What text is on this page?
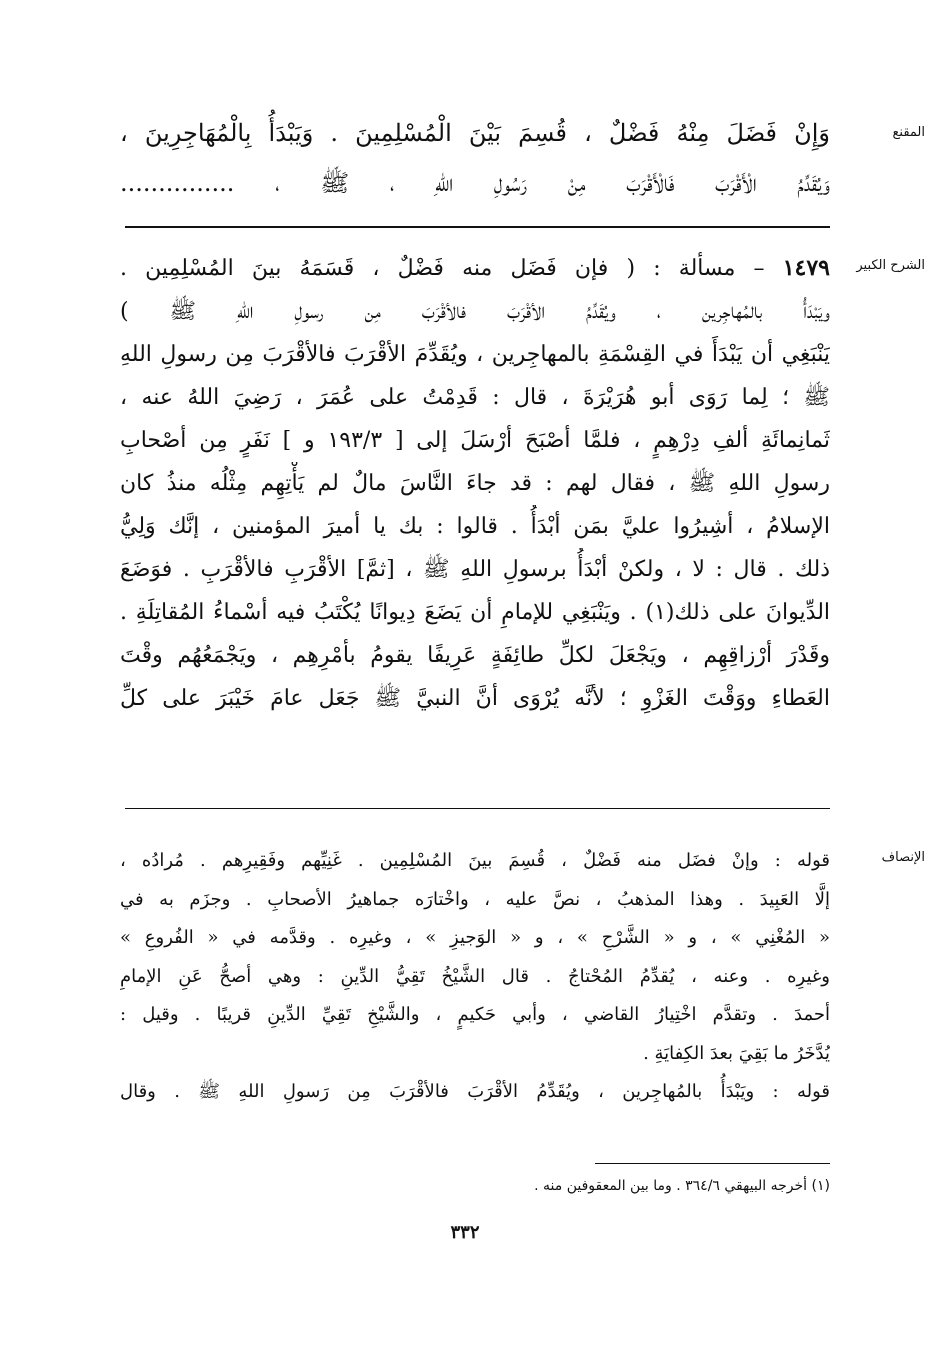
المقنع
وَإِنْ فَضَلَ مِنْهُ فَضْلٌ ، قُسِمَ بَيْنَ الْمُسْلِمِينَ . وَيَبْدَأُ بِالْمُهَاجِرِينَ ،
وَيُقَدِّمُ الْأَقْرَبَ فَالْأَقْرَبَ مِنْ رَسُولِ اللهِ ، ﷺ ، ...............
الشرح الكبير
١٤٧٩ – مسألة : ( فإن فَضَل منه فَضْلٌ ، قَسَمَهُ بينَ المُسْلِمِين .
ويَبْدَأُ بالمُهاجِرين ، ويُقَدِّمُ الأقْرَبَ فالأقْرَبَ مِن رسولِ اللهِ ﷺ )
يَنْبَغِي أن يَبْدَأَ في القِسْمَةِ بالمهاجِرين ، ويُقَدِّمَ الأقْرَبَ فالأقْرَبَ مِن رسولِ اللهِ
ﷺ ؛ لِما رَوَى أبو هُرَيْرَةَ ، قال : قَدِمْتُ على عُمَرَ ، رَضِيَ اللهُ عنه ،
ثَمانِمائَةِ ألفِ دِرْهِمٍ ، فلمَّا أصْبَحَ أرْسَلَ إلى [ ١٩٣/٣ و ] نَفَرٍ مِن أصْحابِ
رسولِ اللهِ ﷺ ، فقال لهم : قد جاءَ النَّاسَ مالٌ لم يَأْتِهِم مِثْلُه منذُ كان
الإسلامُ ، أشِيرُوا عليَّ بمَن أبْدَأُ . قالوا : بك يا أميرَ المؤمنين ، إنَّك وَلِيُّ
ذلك . قال : لا ، ولكنْ أبْدَأُ برسولِ اللهِ ﷺ ، [ثمَّ] الأقْرَبِ فالأقْرَبِ . فوَضَعَ
الدِّيوانَ على ذلك(١) . ويَنْبَغِي للإمامِ أن يَضَعَ دِيوانًا يُكْتَبُ فيه أسْماءُ المُقاتِلَةِ .
وقَدْرَ أرْزاقِهِم ، ويَجْعَلَ لكلِّ طائِفَةٍ عَرِيفًا يقومُ بأمْرِهِم ، ويَجْمَعُهُم وقْتَ
العَطاءِ ووَقْتَ الغَزْوِ ؛ لأنَّه يُرْوَى أنَّ النبيَّ ﷺ جَعَل عامَ خَيْبَرَ على كلِّ
الإنصاف
قوله : وإنْ فضَل منه فَضْلٌ ، قُسِمَ بينَ المُسْلِمِين . غَنِيِّهم وفَقِيرِهم . مُرادُه ،
إلَّا العَبِيدَ . وهذا المذهبُ ، نصَّ عليه ، واخْتارَه جماهيرُ الأصحابِ . وجزَم به في
« المُغْنِي » ، و « الشَّرْحِ » ، و « الوَجيزِ » ، وغيرِه . وقدَّمه في « الفُروعِ »
وغيرِه . وعنه ، يُقدِّمُ المُحْتاجُ . قال الشَّيْخُ تَقِيُّ الدِّينِ : وهي أصحُّ عَنِ الإمامِ
أحمدَ . وتقدَّم اخْتِيارُ القاضي ، وأبي حَكيمٍ ، والشَّيْخِ تَقِيِّ الدِّينِ قريبًا . وقيل :
يُدَّخَرُ ما بَقِيَ بعدَ الكِفايَةِ .
قوله : ويَبْدَأُ بالمُهاجِرين ، ويُقَدِّمُ الأقْرَبَ فالأقْرَبَ مِن رَسولِ اللهِ ﷺ . وقال
(١) أخرجه البيهقي ٣٦٤/٦ . وما بين المعقوفين منه .
٣٣٢
